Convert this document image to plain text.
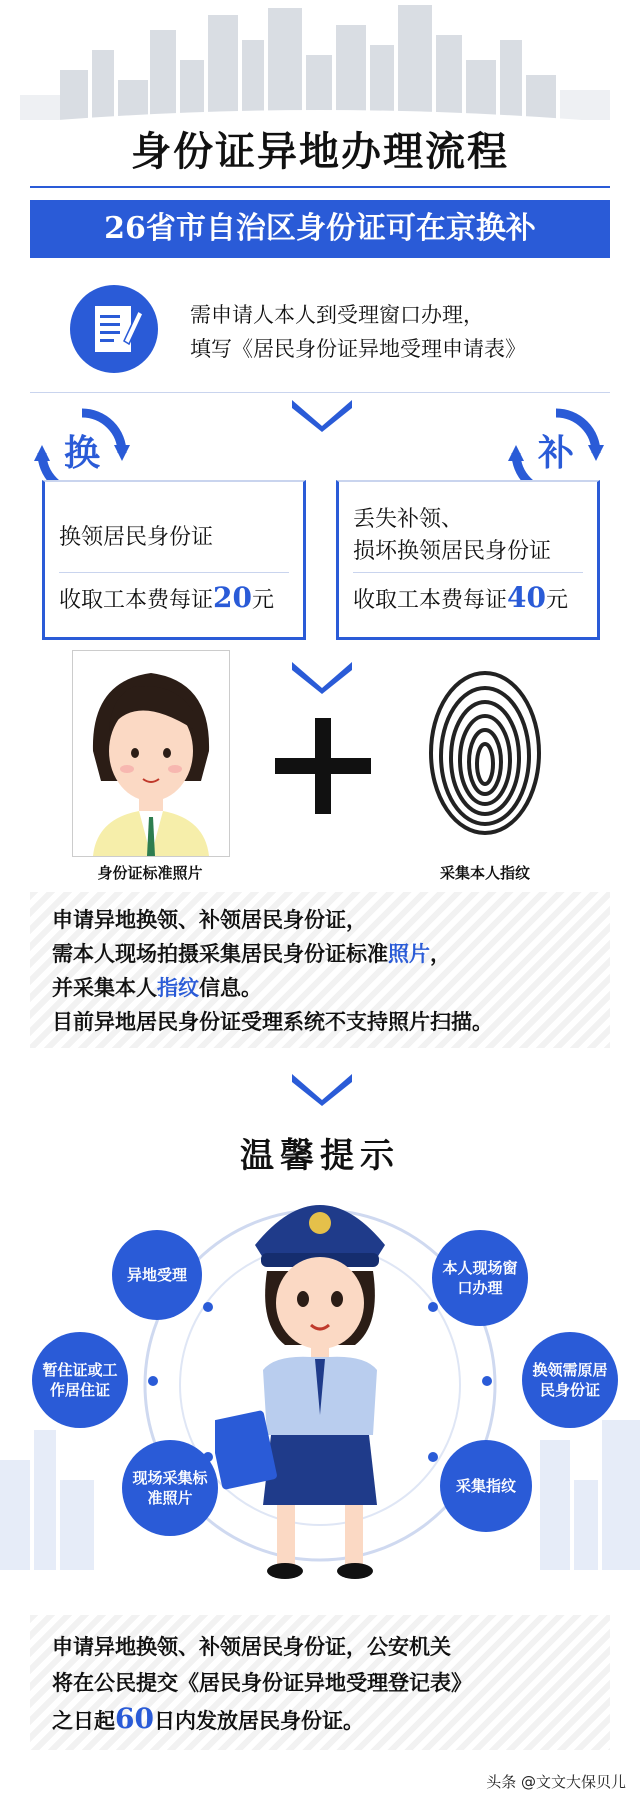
身份证异地办理流程
26省市自治区身份证可在京换补
需申请人本人到受理窗口办理，
填写《居民身份证异地受理申请表》
换	补
换领居民身份证
收取工本费每证20元
丢失补领、
损坏换领居民身份证
收取工本费每证40元
身份证标准照片	采集本人指纹
申请异地换领、补领居民身份证，
需本人现场拍摄采集居民身份证标准照片，
并采集本人指纹信息。
目前异地居民身份证受理系统不支持照片扫描。
温馨提示
异地受理	本人现场窗口办理
暂住证或工作居住证
换领需原居民身份证
现场采集标准照片
采集指纹
申请异地换领、补领居民身份证，公安机关
将在公民提交《居民身份证异地受理登记表》
之日起60日内发放居民身份证。
头条 @文文大保贝儿
